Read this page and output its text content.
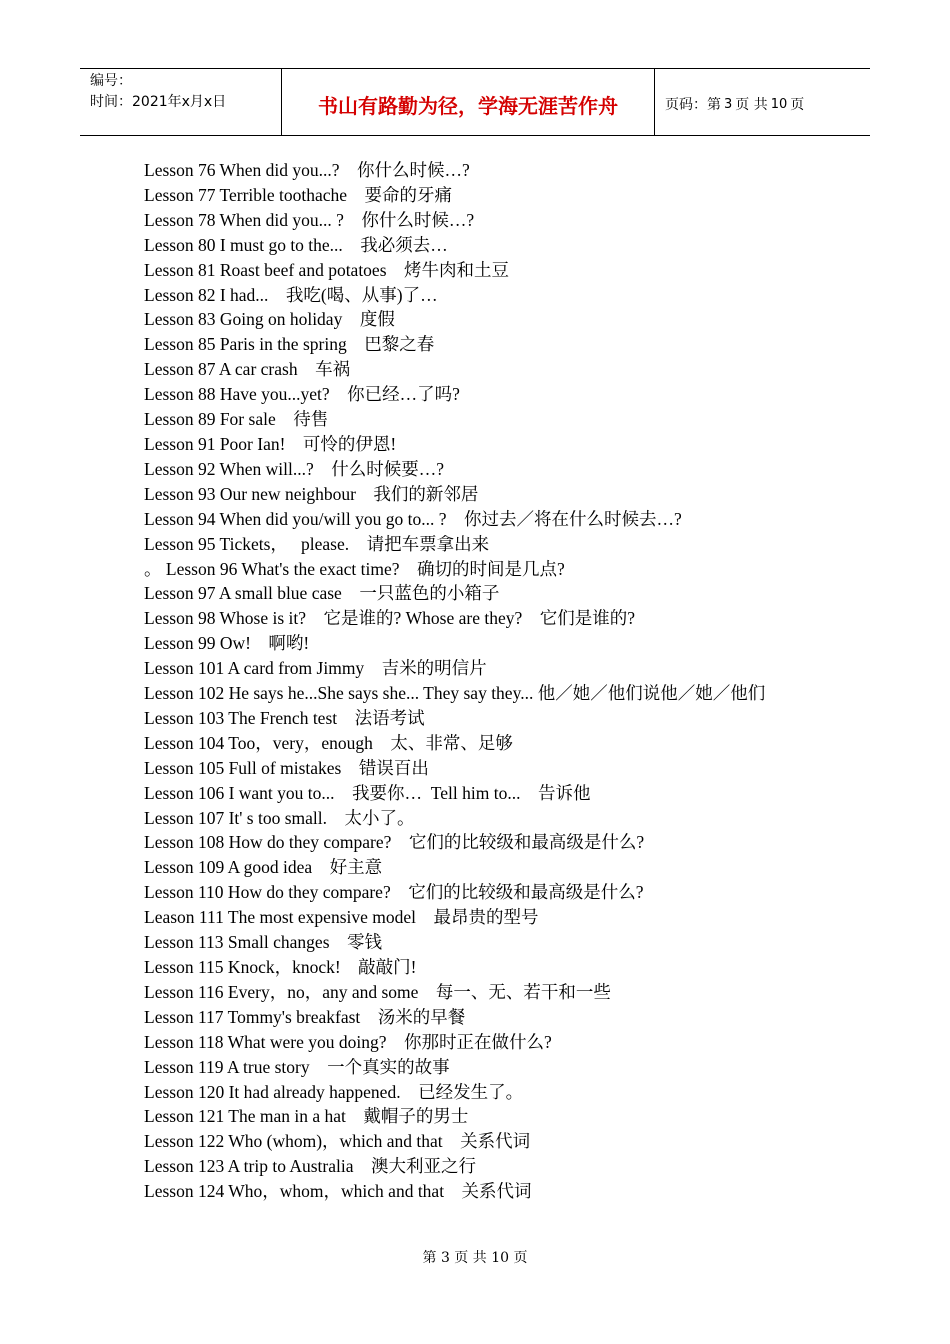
编号：
时间：2021年x月x日	书山有路勤为径，学海无涯苦作舟	页码：第 3 页 共 10 页
Lesson 76 When did you...?    你什么时候…?
Lesson 77 Terrible toothache    要命的牙痛
Lesson 78 When did you... ?    你什么时候…?
Lesson 80 I must go to the...    我必须去…
Lesson 81 Roast beef and potatoes    烤牛肉和土豆
Lesson 82 I had...    我吃(喝、从事)了…
Lesson 83 Going on holiday    度假
Lesson 85 Paris in the spring    巴黎之春
Lesson 87 A car crash    车祸
Lesson 88 Have you...yet?    你已经…了吗?
Lesson 89 For sale    待售
Lesson 91 Poor Ian!    可怜的伊恩!
Lesson 92 When will...?    什么时候要…?
Lesson 93 Our new neighbour    我们的新邻居
Lesson 94 When did you/will you go to... ?    你过去／将在什么时候去…?
Lesson 95 Tickets，   please.    请把车票拿出来
。 Lesson 96 What's the exact time?    确切的时间是几点?
Lesson 97 A small blue case    一只蓝色的小箱子
Lesson 98 Whose is it?    它是谁的? Whose are they?    它们是谁的?
Lesson 99 Ow!    啊哟!
Lesson 101 A card from Jimmy    吉米的明信片
Lesson 102 He says he...She says she... They say they... 他／她／他们说他／她／他们
Lesson 103 The French test    法语考试
Lesson 104 Too，very，enough    太、非常、足够
Lesson 105 Full of mistakes    错误百出
Lesson 106 I want you to...    我要你…  Tell him to...    告诉他
Lesson 107 It' s too small.    太小了。
Lesson 108 How do they compare?    它们的比较级和最高级是什么?
Lesson 109 A good idea    好主意
Lesson 110 How do they compare?    它们的比较级和最高级是什么?
Leason 111 The most expensive model    最昂贵的型号
Lesson 113 Small changes    零钱
Lesson 115 Knock，knock!    敲敲门!
Lesson 116 Every，no，any and some    每一、无、若干和一些
Lesson 117 Tommy's breakfast    汤米的早餐
Lesson 118 What were you doing?    你那时正在做什么?
Lesson 119 A true story    一个真实的故事
Lesson 120 It had already happened.    已经发生了。
Lesson 121 The man in a hat    戴帽子的男士
Lesson 122 Who (whom)，which and that    关系代词
Lesson 123 A trip to Australia    澳大利亚之行
Lesson 124 Who，whom，which and that    关系代词
第 3 页 共 10 页
